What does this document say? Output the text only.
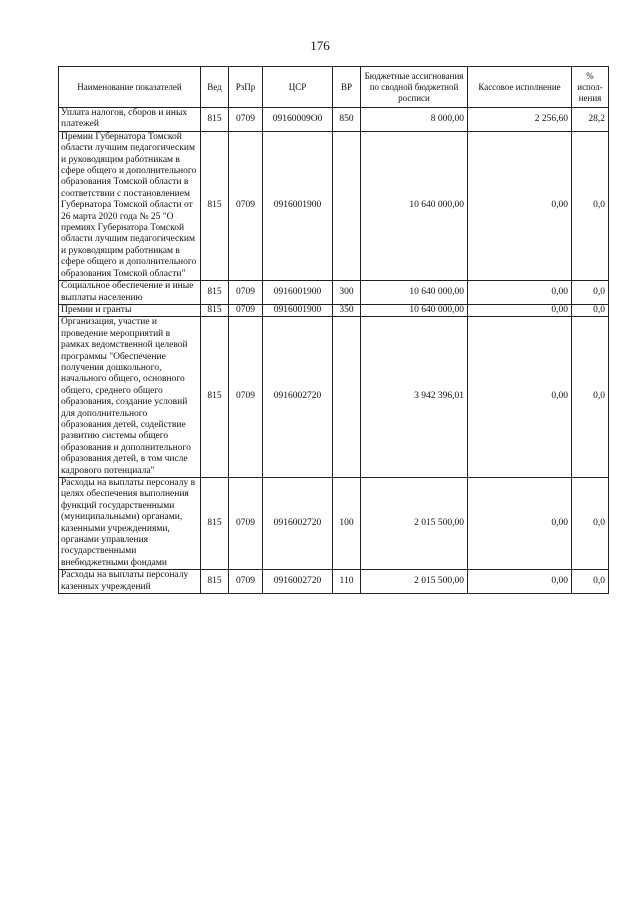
176
Наименование показателей	Вед	РзПр	ЦСР	ВР	Бюджетные ассигнования по сводной бюджетной росписи	Кассовое исполнение	% испол-нения
Уплата налогов, сборов и иных платежей	815	0709	09160009О0	850	8 000,00	2 256,60	28,2
Премии Губернатора Томской области лучшим педагогическим и руководящим работникам в сфере общего и дополнительного образования Томской области в соответствии с постановлением Губернатора Томской области от 26 марта 2020 года № 25 "О премиях Губернатора Томской области лучшим педагогическим и руководящим работникам в сфере общего и дополнительного образования Томской области"	815	0709	0916001900		10 640 000,00	0,00	0,0
Социальное обеспечение и иные выплаты населению	815	0709	0916001900	300	10 640 000,00	0,00	0,0
Премии и гранты	815	0709	0916001900	350	10 640 000,00	0,00	0,0
Организация, участие и проведение мероприятий в рамках ведомственной целевой программы "Обеспечение получения дошкольного, начального общего, основного общего, среднего общего образования, создание условий для дополнительного образования детей, содействие развитию системы общего образования и дополнительного образования детей, в том числе кадрового потенциала"	815	0709	0916002720		3 942 396,01	0,00	0,0
Расходы на выплаты персоналу в целях обеспечения выполнения функций государственными (муниципальными) органами, казенными учреждениями, органами управления государственными внебюджетными фондами	815	0709	0916002720	100	2 015 500,00	0,00	0,0
Расходы на выплаты персоналу казенных учреждений	815	0709	0916002720	110	2 015 500,00	0,00	0,0
